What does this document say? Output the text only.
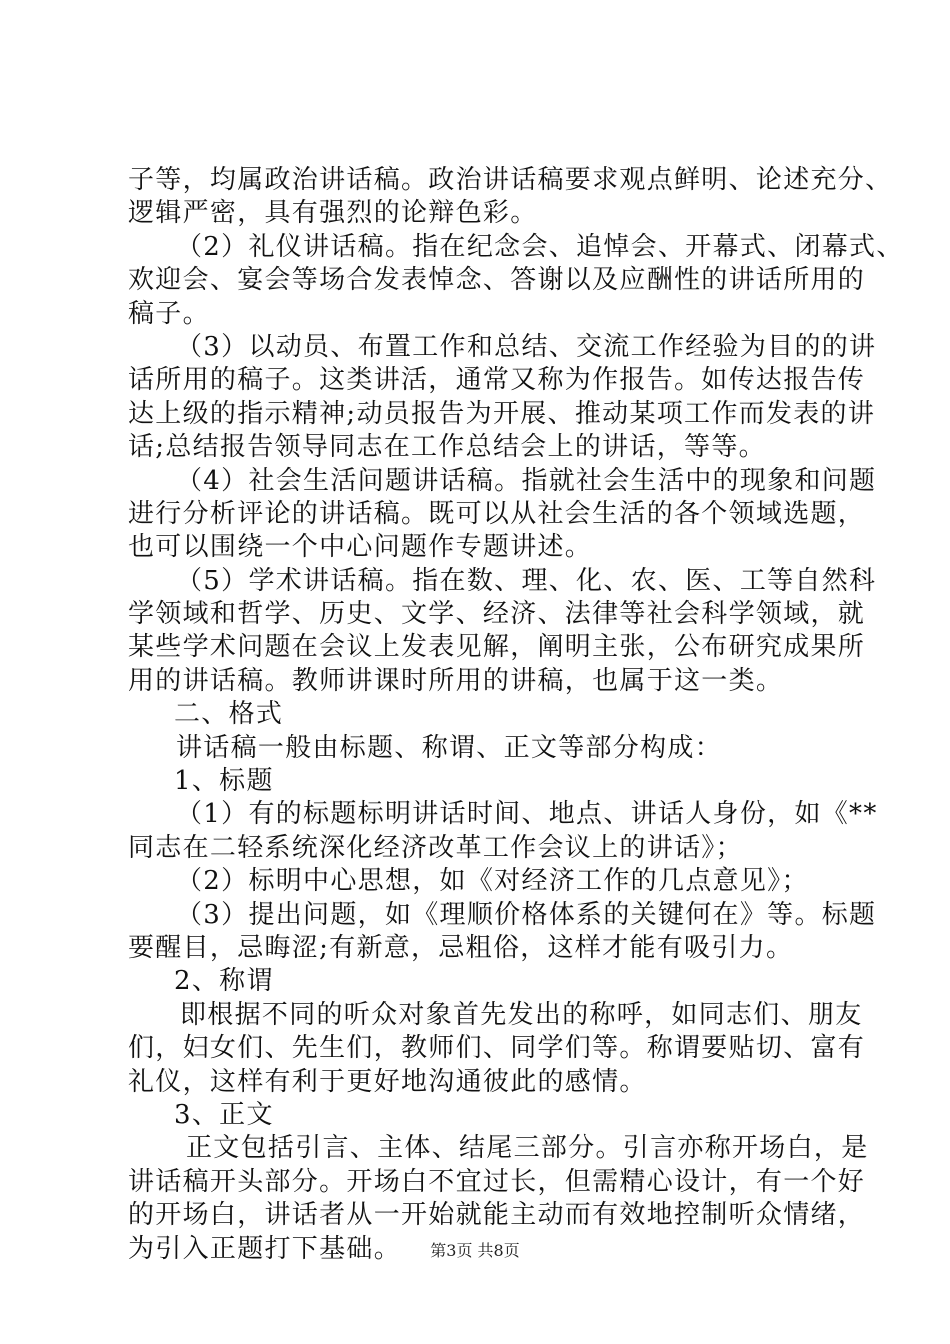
子等，均属政治讲话稿。政治讲话稿要求观点鲜明、论述充分、
逻辑严密，具有强烈的论辩色彩。
（2）礼仪讲话稿。指在纪念会、追悼会、开幕式、闭幕式、
欢迎会、宴会等场合发表悼念、答谢以及应酬性的讲话所用的
稿子。
（3）以动员、布置工作和总结、交流工作经验为目的的讲
话所用的稿子。这类讲活，通常又称为作报告。如传达报告传
达上级的指示精神;动员报告为开展、推动某项工作而发表的讲
话;总结报告领导同志在工作总结会上的讲话，等等。
（4）社会生活问题讲话稿。指就社会生活中的现象和问题
进行分析评论的讲话稿。既可以从社会生活的各个领域选题，
也可以围绕一个中心问题作专题讲述。
（5）学术讲话稿。指在数、理、化、农、医、工等自然科
学领域和哲学、历史、文学、经济、法律等社会科学领域，就
某些学术问题在会议上发表见解，阐明主张，公布研究成果所
用的讲话稿。教师讲课时所用的讲稿，也属于这一类。
二、格式
讲话稿一般由标题、称谓、正文等部分构成：
1、标题
（1）有的标题标明讲话时间、地点、讲话人身份，如《**
同志在二轻系统深化经济改革工作会议上的讲话》；
（2）标明中心思想，如《对经济工作的几点意见》；
（3）提出问题，如《理顺价格体系的关键何在》等。标题
要醒目，忌晦涩;有新意，忌粗俗，这样才能有吸引力。
2、称谓
即根据不同的听众对象首先发出的称呼，如同志们、朋友
们，妇女们、先生们，教师们、同学们等。称谓要贴切、富有
礼仪，这样有利于更好地沟通彼此的感情。
3、正文
正文包括引言、主体、结尾三部分。引言亦称开场白，是
讲话稿开头部分。开场白不宜过长，但需精心设计，有一个好
的开场白，讲话者从一开始就能主动而有效地控制听众情绪，
为引入正题打下基础。	第3页 共8页
